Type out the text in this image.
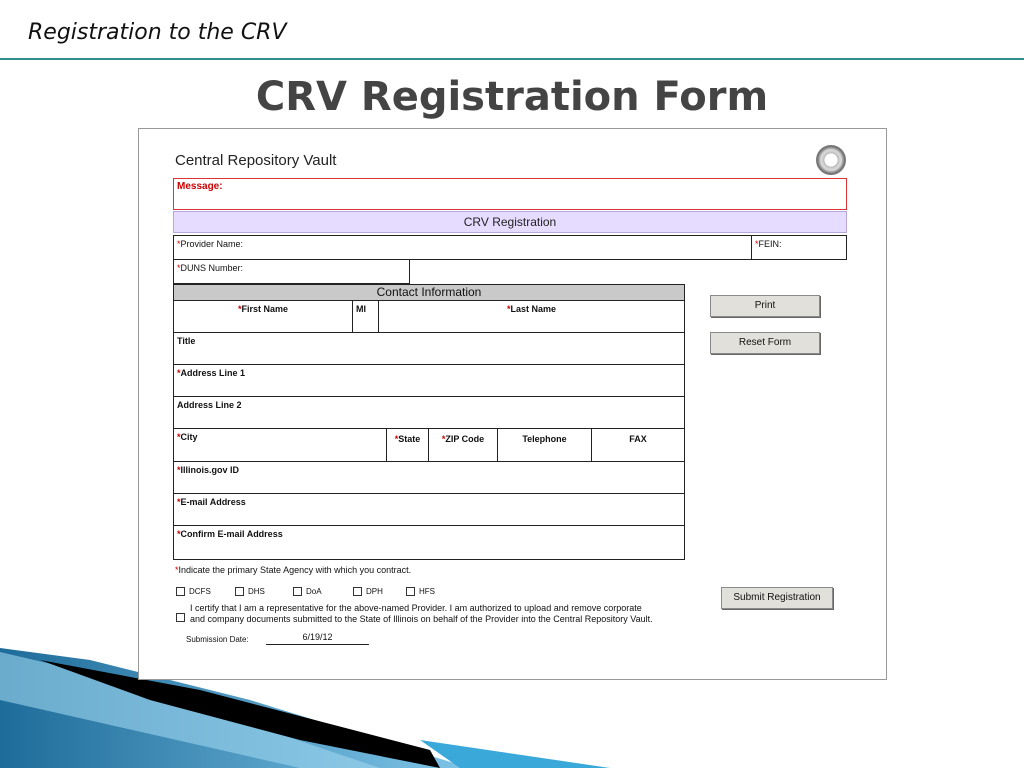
Registration to the CRV
CRV Registration Form
Central Repository Vault
Message:
CRV Registration
*Provider Name:	*FEIN:
*DUNS Number:
Contact Information
*First Name	MI	*Last Name
Title
*Address Line 1
Address Line 2
*City	*State	*ZIP Code	Telephone	FAX
*Illinois.gov ID
*E-mail Address
*Confirm E-mail Address
Print
Reset Form
Submit Registration
*Indicate the primary State Agency with which you contract.
DCFS	DHS	DoA	DPH	HFS
I certify that I am a representative for the above-named Provider. I am authorized to upload and remove corporate
and company documents submitted to the State of Illinois on behalf of the Provider into the Central Repository Vault.
Submission Date:	6/19/12
